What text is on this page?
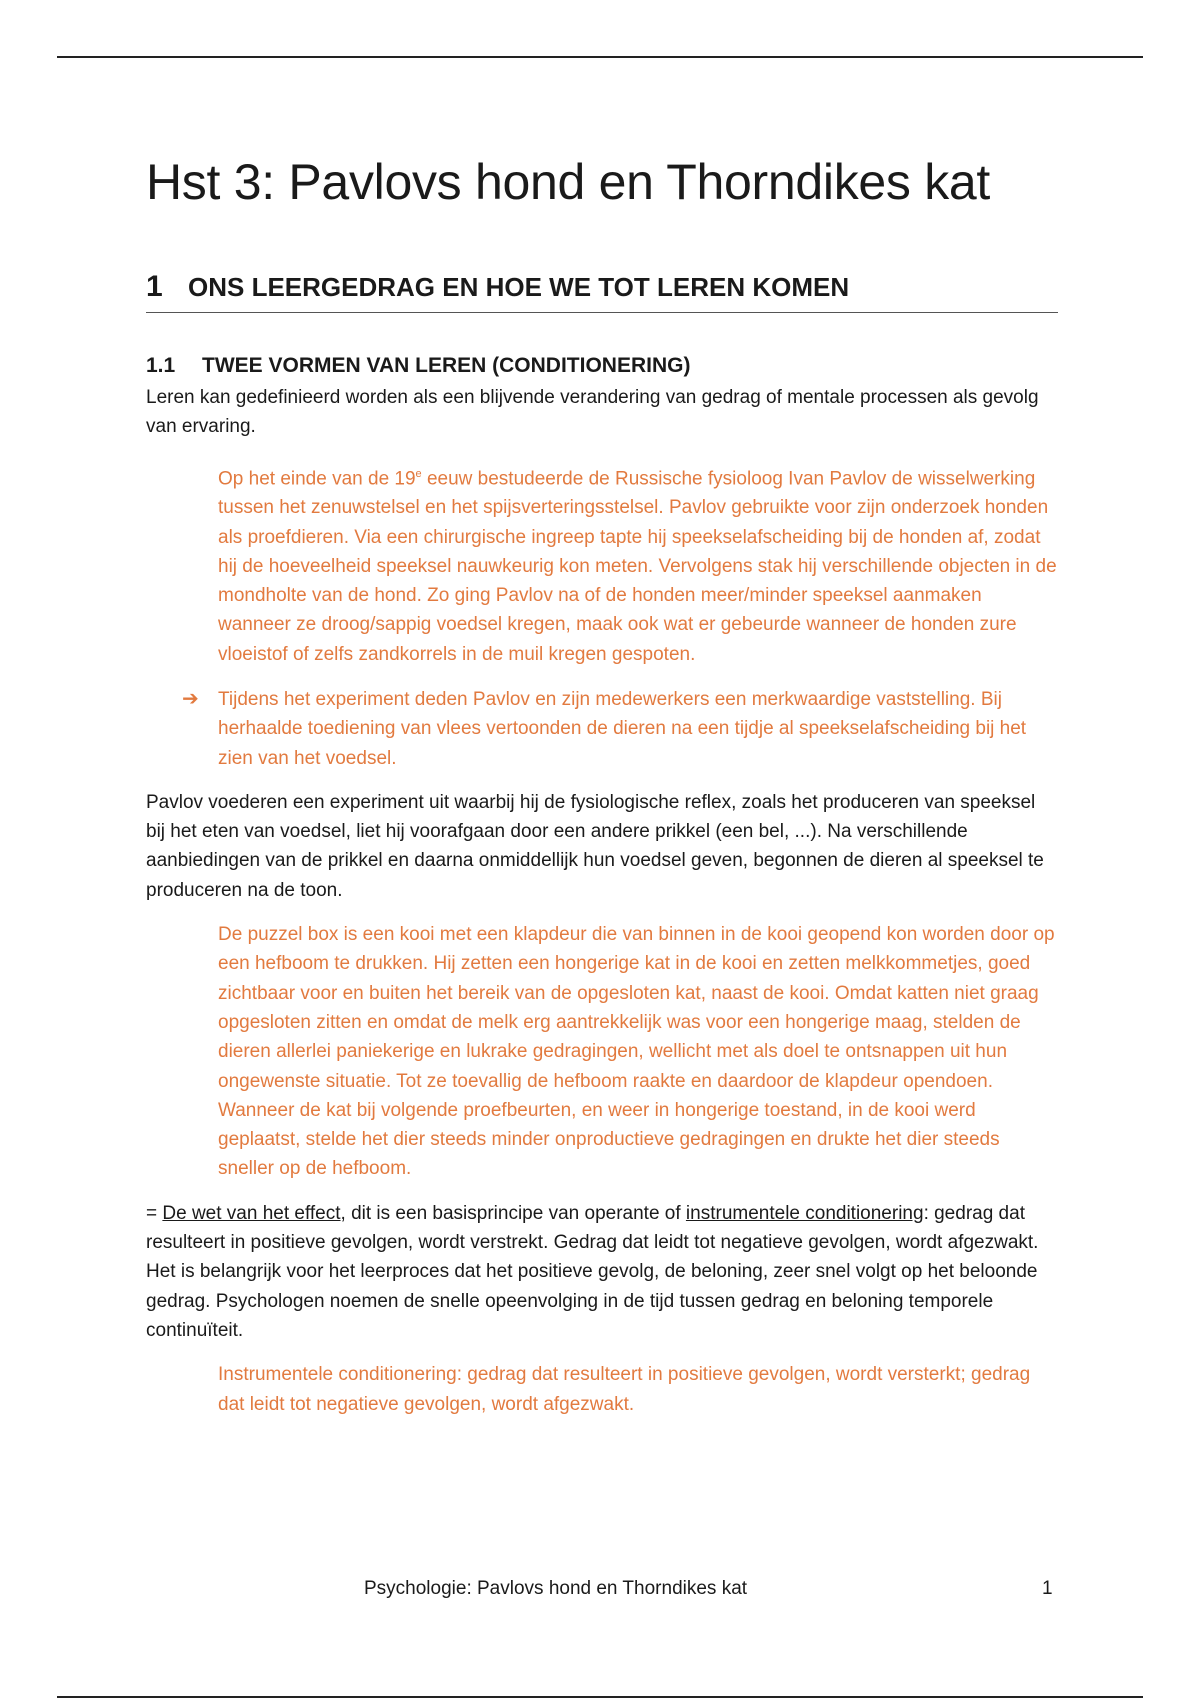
Hst 3: Pavlovs hond en Thorndikes kat
1 ONS LEERGEDRAG EN HOE WE TOT LEREN KOMEN
1.1	TWEE VORMEN VAN LEREN (CONDITIONERING)

Leren kan gedefinieerd worden als een blijvende verandering van gedrag of mentale processen als gevolg van ervaring.

Op het einde van de 19e eeuw bestudeerde de Russische fysioloog Ivan Pavlov de wisselwerking tussen het zenuwstelsel en het spijsverteringsstelsel. Pavlov gebruikte voor zijn onderzoek honden als proefdieren. Via een chirurgische ingreep tapte hij speekselafscheiding bij de honden af, zodat hij de hoeveelheid speeksel nauwkeurig kon meten. Vervolgens stak hij verschillende objecten in de mondholte van de hond. Zo ging Pavlov na of de honden meer/minder speeksel aanmaken wanneer ze droog/sappig voedsel kregen, maak ook wat er gebeurde wanneer de honden zure vloeistof of zelfs zandkorrels in de muil kregen gespoten.

➔ Tijdens het experiment deden Pavlov en zijn medewerkers een merkwaardige vaststelling. Bij herhaalde toediening van vlees vertoonden de dieren na een tijdje al speekselafscheiding bij het zien van het voedsel.

Pavlov voederen een experiment uit waarbij hij de fysiologische reflex, zoals het produceren van speeksel bij het eten van voedsel, liet hij voorafgaan door een andere prikkel (een bel, ...). Na verschillende aanbiedingen van de prikkel en daarna onmiddellijk hun voedsel geven, begonnen de dieren al speeksel te produceren na de toon.

De puzzel box is een kooi met een klapdeur die van binnen in de kooi geopend kon worden door op een hefboom te drukken. Hij zetten een hongerige kat in de kooi en zetten melkkommetjes, goed zichtbaar voor en buiten het bereik van de opgesloten kat, naast de kooi. Omdat katten niet graag opgesloten zitten en omdat de melk erg aantrekkelijk was voor een hongerige maag, stelden de dieren allerlei paniekerige en lukrake gedragingen, wellicht met als doel te ontsnappen uit hun ongewenste situatie. Tot ze toevallig de hefboom raakte en daardoor de klapdeur opendoen. Wanneer de kat bij volgende proefbeurten, en weer in hongerige toestand, in de kooi werd geplaatst, stelde het dier steeds minder onproductieve gedragingen en drukte het dier steeds sneller op de hefboom.

= De wet van het effect, dit is een basisprincipe van operante of instrumentele conditionering: gedrag dat resulteert in positieve gevolgen, wordt verstrekt. Gedrag dat leidt tot negatieve gevolgen, wordt afgezwakt. Het is belangrijk voor het leerproces dat het positieve gevolg, de beloning, zeer snel volgt op het beloonde gedrag. Psychologen noemen de snelle opeenvolging in de tijd tussen gedrag en beloning temporele continuïteit.

Instrumentele conditionering: gedrag dat resulteert in positieve gevolgen, wordt versterkt; gedrag dat leidt tot negatieve gevolgen, wordt afgezwakt.

Psychologie: Pavlovs hond en Thorndikes kat	1
